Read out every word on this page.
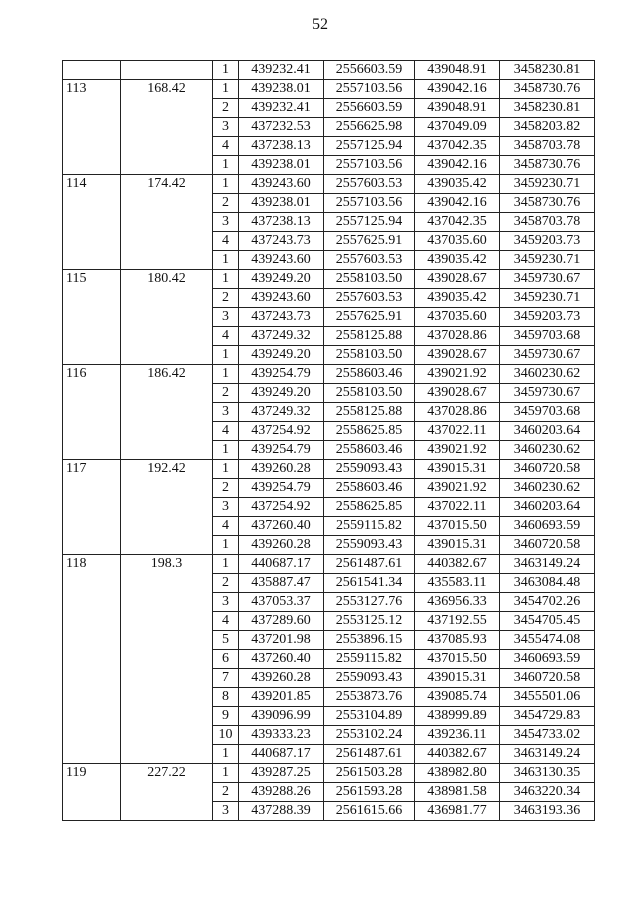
52
		1	439232.41	2556603.59	439048.91	3458230.81
113	168.42	1	439238.01	2557103.56	439042.16	3458730.76
		2	439232.41	2556603.59	439048.91	3458230.81
		3	437232.53	2556625.98	437049.09	3458203.82
		4	437238.13	2557125.94	437042.35	3458703.78
		1	439238.01	2557103.56	439042.16	3458730.76
114	174.42	1	439243.60	2557603.53	439035.42	3459230.71
		2	439238.01	2557103.56	439042.16	3458730.76
		3	437238.13	2557125.94	437042.35	3458703.78
		4	437243.73	2557625.91	437035.60	3459203.73
		1	439243.60	2557603.53	439035.42	3459230.71
115	180.42	1	439249.20	2558103.50	439028.67	3459730.67
		2	439243.60	2557603.53	439035.42	3459230.71
		3	437243.73	2557625.91	437035.60	3459203.73
		4	437249.32	2558125.88	437028.86	3459703.68
		1	439249.20	2558103.50	439028.67	3459730.67
116	186.42	1	439254.79	2558603.46	439021.92	3460230.62
		2	439249.20	2558103.50	439028.67	3459730.67
		3	437249.32	2558125.88	437028.86	3459703.68
		4	437254.92	2558625.85	437022.11	3460203.64
		1	439254.79	2558603.46	439021.92	3460230.62
117	192.42	1	439260.28	2559093.43	439015.31	3460720.58
		2	439254.79	2558603.46	439021.92	3460230.62
		3	437254.92	2558625.85	437022.11	3460203.64
		4	437260.40	2559115.82	437015.50	3460693.59
		1	439260.28	2559093.43	439015.31	3460720.58
118	198.3	1	440687.17	2561487.61	440382.67	3463149.24
		2	435887.47	2561541.34	435583.11	3463084.48
		3	437053.37	2553127.76	436956.33	3454702.26
		4	437289.60	2553125.12	437192.55	3454705.45
		5	437201.98	2553896.15	437085.93	3455474.08
		6	437260.40	2559115.82	437015.50	3460693.59
		7	439260.28	2559093.43	439015.31	3460720.58
		8	439201.85	2553873.76	439085.74	3455501.06
		9	439096.99	2553104.89	438999.89	3454729.83
		10	439333.23	2553102.24	439236.11	3454733.02
		1	440687.17	2561487.61	440382.67	3463149.24
119	227.22	1	439287.25	2561503.28	438982.80	3463130.35
		2	439288.26	2561593.28	438981.58	3463220.34
		3	437288.39	2561615.66	436981.77	3463193.36
